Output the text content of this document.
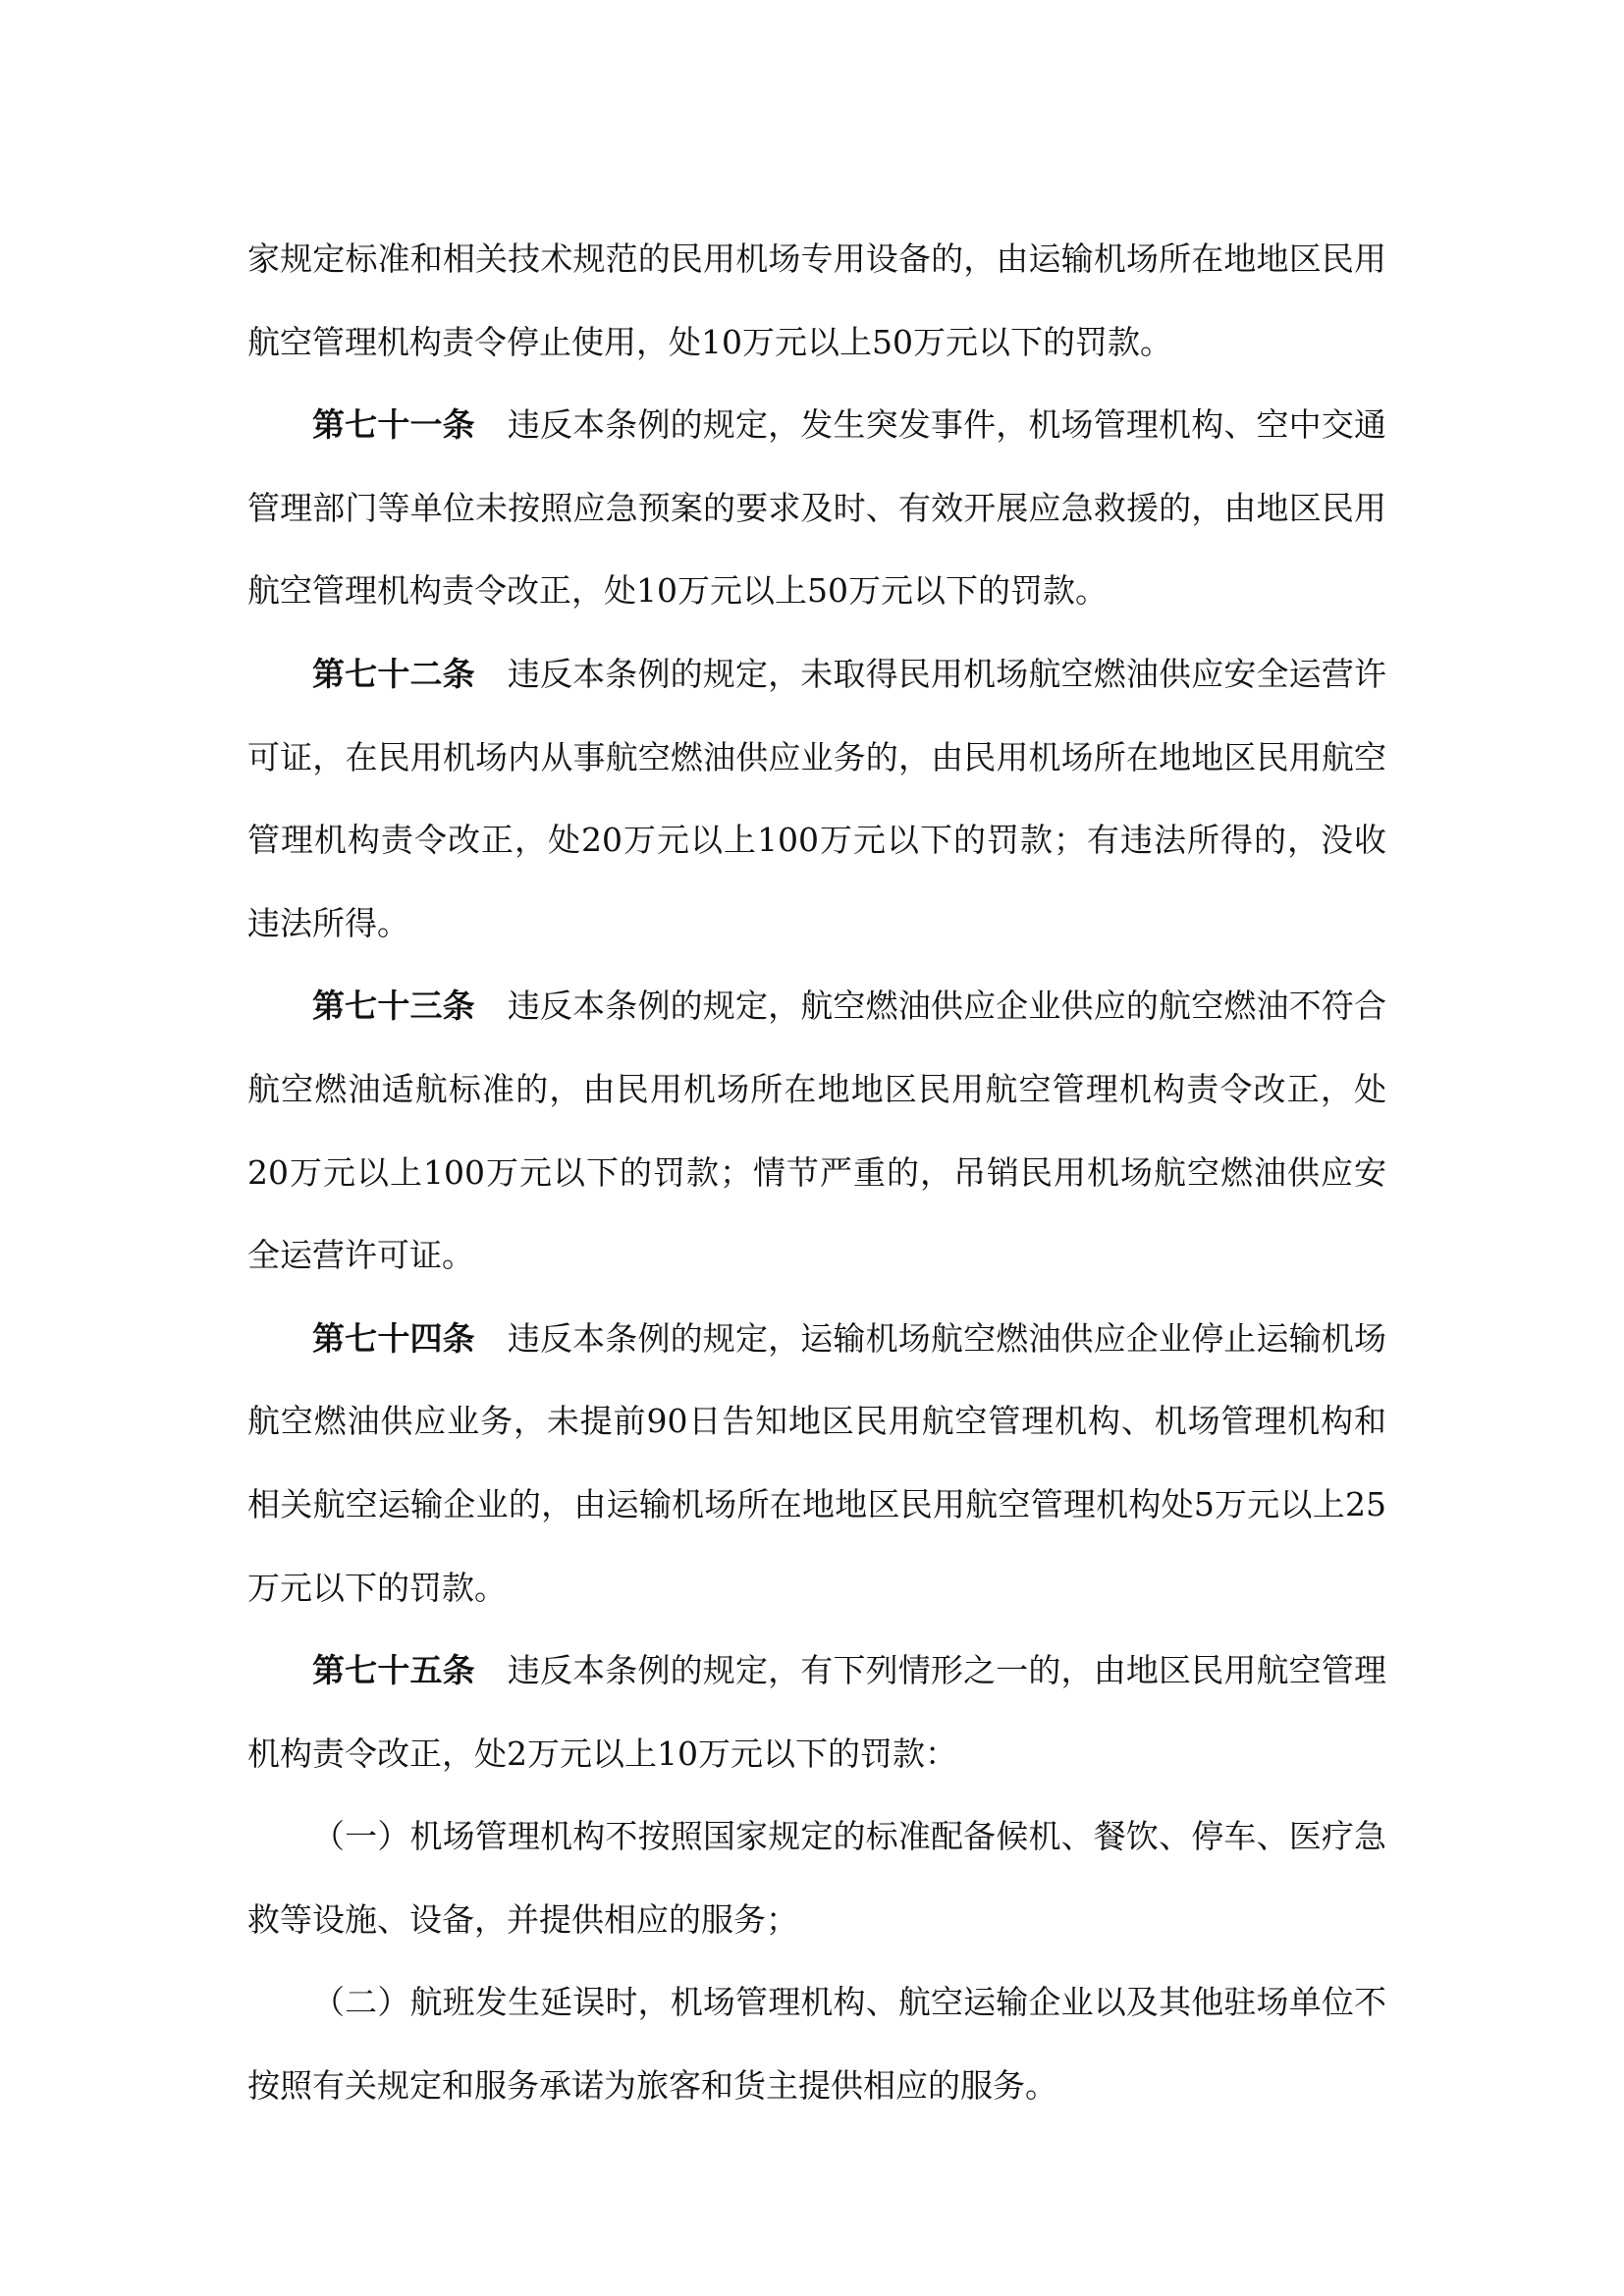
家规定标准和相关技术规范的民用机场专用设备的，由运输机场所在地地区民用航空管理机构责令停止使用，处10万元以上50万元以下的罚款。

第七十一条 违反本条例的规定，发生突发事件，机场管理机构、空中交通管理部门等单位未按照应急预案的要求及时、有效开展应急救援的，由地区民用航空管理机构责令改正，处10万元以上50万元以下的罚款。

第七十二条 违反本条例的规定，未取得民用机场航空燃油供应安全运营许可证，在民用机场内从事航空燃油供应业务的，由民用机场所在地地区民用航空管理机构责令改正，处20万元以上100万元以下的罚款；有违法所得的，没收违法所得。

第七十三条 违反本条例的规定，航空燃油供应企业供应的航空燃油不符合航空燃油适航标准的，由民用机场所在地地区民用航空管理机构责令改正，处20万元以上100万元以下的罚款；情节严重的，吊销民用机场航空燃油供应安全运营许可证。

第七十四条 违反本条例的规定，运输机场航空燃油供应企业停止运输机场航空燃油供应业务，未提前90日告知地区民用航空管理机构、机场管理机构和相关航空运输企业的，由运输机场所在地地区民用航空管理机构处5万元以上25万元以下的罚款。

第七十五条 违反本条例的规定，有下列情形之一的，由地区民用航空管理机构责令改正，处2万元以上10万元以下的罚款：

（一）机场管理机构不按照国家规定的标准配备候机、餐饮、停车、医疗急救等设施、设备，并提供相应的服务；

（二）航班发生延误时，机场管理机构、航空运输企业以及其他驻场单位不按照有关规定和服务承诺为旅客和货主提供相应的服务。
